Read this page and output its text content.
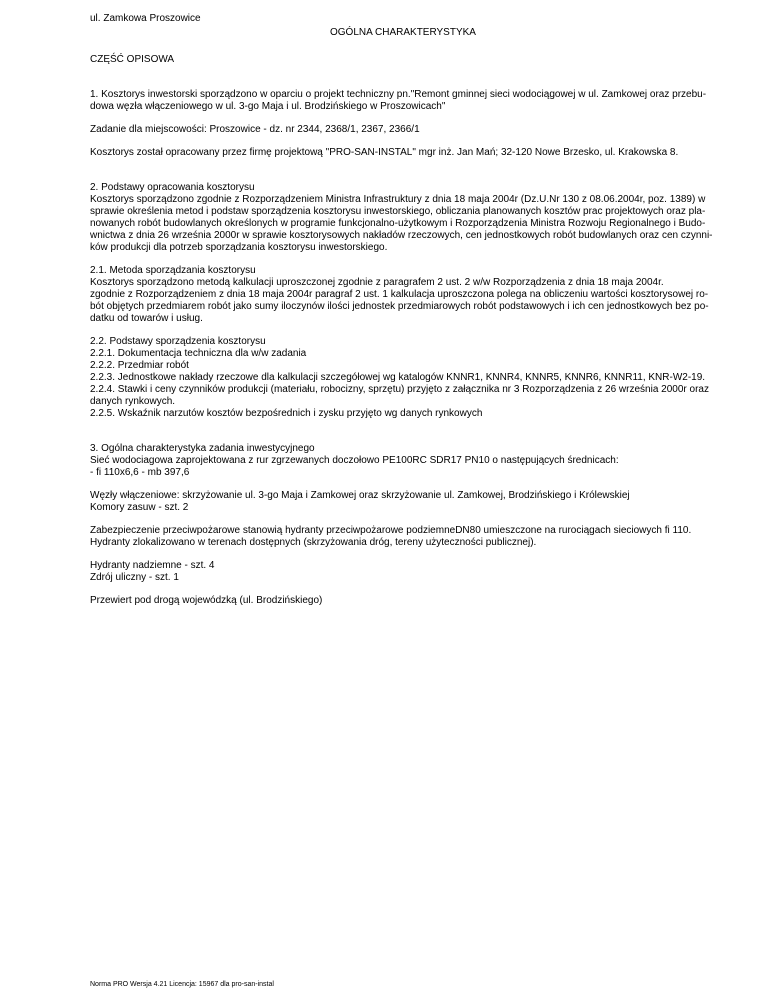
ul. Zamkowa Proszowice
OGÓLNA CHARAKTERYSTYKA

CZĘŚĆ OPISOWA

1. Kosztorys inwestorski sporządzono w oparciu o projekt techniczny pn."Remont gminnej sieci wodociągowej w ul. Zamkowej oraz przebu-
dowa węzła włączeniowego w ul. 3-go Maja i ul. Brodzińskiego w Proszowicach"

Zadanie dla miejscowości: Proszowice - dz. nr 2344, 2368/1, 2367, 2366/1

Kosztorys został opracowany przez firmę projektową "PRO-SAN-INSTAL" mgr inż. Jan Mań; 32-120 Nowe Brzesko, ul. Krakowska 8.

2. Podstawy opracowania kosztorysu
Kosztorys sporządzono zgodnie z Rozporządzeniem Ministra Infrastruktury z dnia 18 maja 2004r (Dz.U.Nr 130 z 08.06.2004r, poz. 1389) w
sprawie określenia metod i podstaw sporządzenia kosztorysu inwestorskiego, obliczania planowanych kosztów prac projektowych oraz pla-
nowanych robót budowlanych określonych w programie funkcjonalno-użytkowym i Rozporządzenia Ministra Rozwoju Regionalnego i Budo-
wnictwa z dnia 26 września 2000r w sprawie kosztorysowych nakładów rzeczowych, cen jednostkowych robót budowlanych oraz cen czynni-
ków produkcji dla potrzeb sporządzania kosztorysu inwestorskiego.

2.1. Metoda sporządzania kosztorysu
Kosztorys sporządzono metodą kalkulacji uproszczonej zgodnie z paragrafem 2 ust. 2 w/w Rozporządzenia z dnia 18 maja 2004r.
zgodnie z Rozporządzeniem z dnia 18 maja 2004r paragraf 2 ust. 1 kalkulacja uproszczona polega na obliczeniu wartości kosztorysowej ro-
bót objętych przedmiarem robót jako sumy iloczynów ilości jednostek przedmiarowych robót podstawowych i ich cen jednostkowych bez po-
datku od towarów i usług.

2.2. Podstawy sporządzenia kosztorysu
2.2.1. Dokumentacja techniczna dla w/w zadania
2.2.2. Przedmiar robót
2.2.3. Jednostkowe nakłady rzeczowe dla kalkulacji szczegółowej wg katalogów KNNR1, KNNR4, KNNR5, KNNR6, KNNR11, KNR-W2-19.
2.2.4. Stawki i ceny czynników produkcji (materiału, robocizny, sprzętu) przyjęto z załącznika nr 3 Rozporządzenia z 26 września 2000r oraz
danych rynkowych.
2.2.5. Wskaźnik narzutów kosztów bezpośrednich i zysku przyjęto wg danych rynkowych

3. Ogólna charakterystyka zadania inwestycyjnego
Sieć wodociagowa zaprojektowana z rur zgrzewanych doczołowo PE100RC SDR17 PN10 o następujących średnicach:
- fi 110x6,6 - mb 397,6

Węzły włączeniowe: skrzyżowanie ul. 3-go Maja i Zamkowej oraz skrzyżowanie ul. Zamkowej, Brodzińskiego i Królewskiej
Komory zasuw - szt. 2

Zabezpieczenie przeciwpożarowe stanowią hydranty przeciwpożarowe podziemneDN80 umieszczone na rurociągach sieciowych fi 110.
Hydranty zlokalizowano w terenach dostępnych (skrzyżowania dróg, tereny użyteczności publicznej).

Hydranty nadziemne - szt. 4
Zdrój uliczny - szt. 1

Przewiert pod drogą wojewódzką (ul. Brodzińskiego)

Norma PRO Wersja 4.21 Licencja: 15967 dla pro-san-instal
